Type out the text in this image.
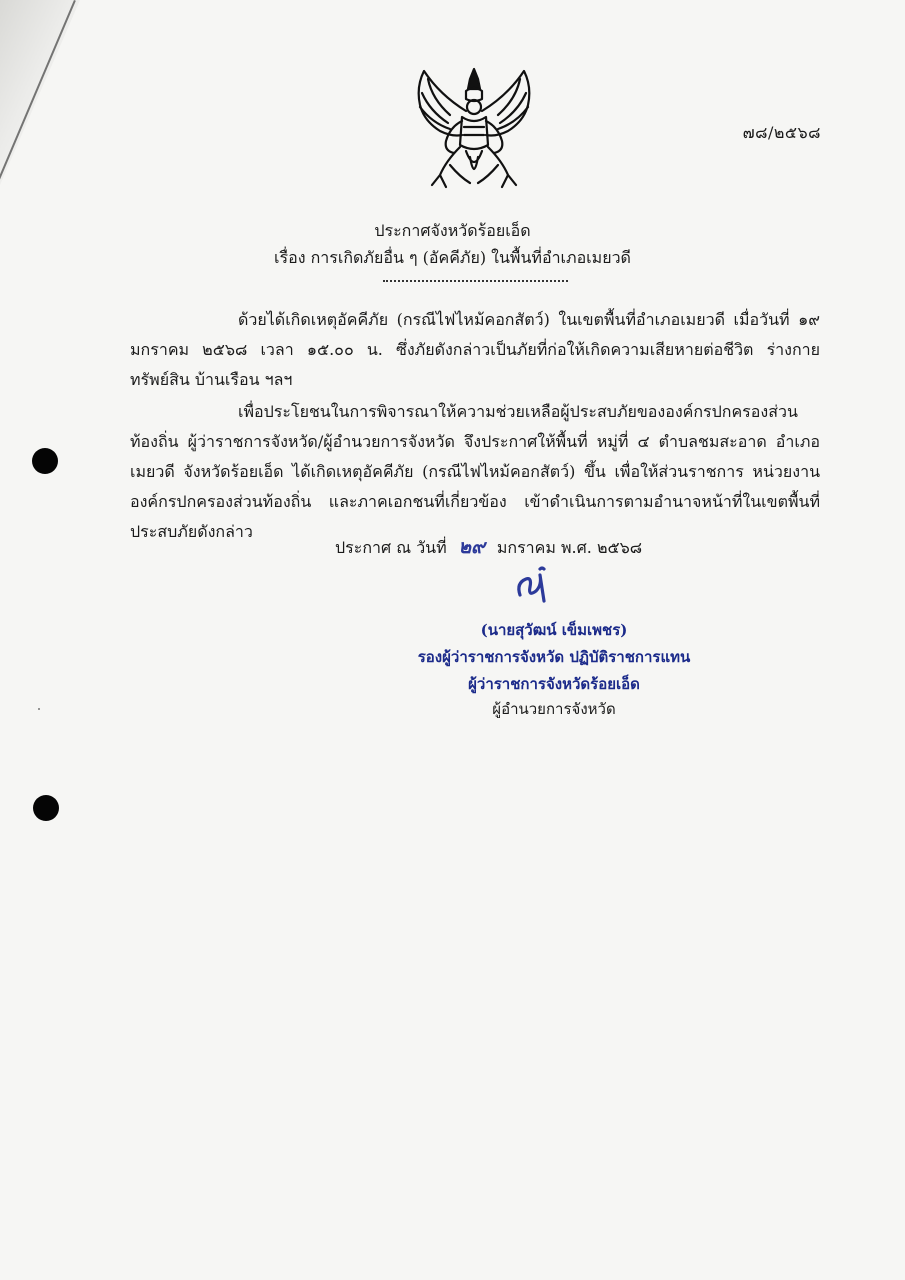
๗๘/๒๕๖๘
ประกาศจังหวัดร้อยเอ็ด
เรื่อง การเกิดภัยอื่น ๆ (อัคคีภัย) ในพื้นที่อำเภอเมยวดี
ด้วยได้เกิดเหตุอัคคีภัย (กรณีไฟไหม้คอกสัตว์) ในเขตพื้นที่อำเภอเมยวดี เมื่อวันที่ ๑๙ มกราคม ๒๕๖๘ เวลา ๑๕.๐๐ น. ซึ่งภัยดังกล่าวเป็นภัยที่ก่อให้เกิดความเสียหายต่อชีวิต ร่างกาย ทรัพย์สิน บ้านเรือน ฯลฯ
เพื่อประโยชนในการพิจารณาให้ความช่วยเหลือผู้ประสบภัยขององค์กรปกครองส่วนท้องถิ่น ผู้ว่าราชการจังหวัด/ผู้อำนวยการจังหวัด จึงประกาศให้พื้นที่ หมู่ที่ ๔ ตำบลชมสะอาด อำเภอเมยวดี จังหวัดร้อยเอ็ด ได้เกิดเหตุอัคคีภัย (กรณีไฟไหม้คอกสัตว์) ขึ้น เพื่อให้ส่วนราชการ หน่วยงาน องค์กรปกครองส่วนท้องถิ่น และภาคเอกชนที่เกี่ยวข้อง เข้าดำเนินการตามอำนาจหน้าที่ในเขตพื้นที่ประสบภัยดังกล่าว
ประกาศ ณ วันที่ ๒๙ มกราคม พ.ศ. ๒๕๖๘
(นายสุวัฒน์ เข็มเพชร)
รองผู้ว่าราชการจังหวัด ปฏิบัติราชการแทน
ผู้ว่าราชการจังหวัดร้อยเอ็ด
ผู้อำนวยการจังหวัด
